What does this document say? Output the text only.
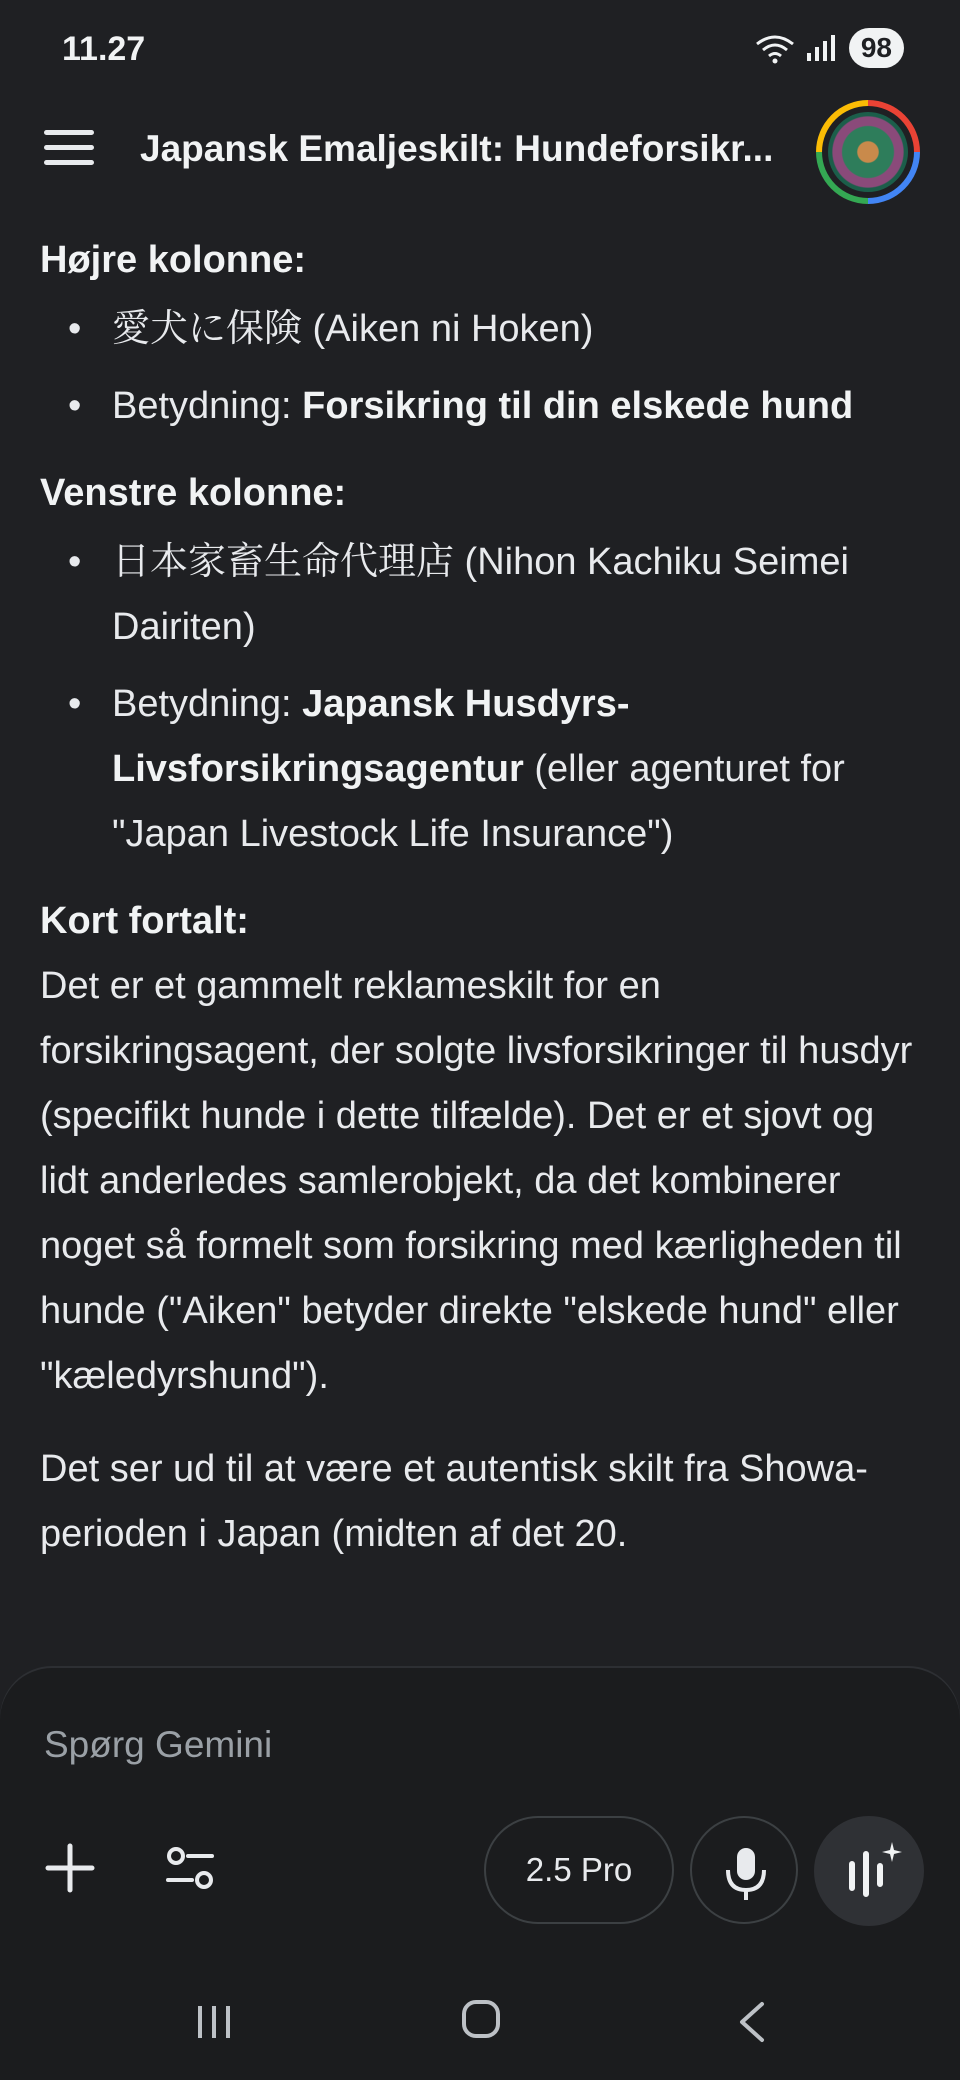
11.27	98
Japansk Emaljeskilt: Hundeforsikr...
Højre kolonne:
• 愛犬に保険 (Aiken ni Hoken)
• Betydning: Forsikring til din elskede hund
Venstre kolonne:
• 日本家畜生命代理店 (Nihon Kachiku Seimei Dairiten)
• Betydning: Japansk Husdyrs-Livsforsikringsagentur (eller agenturet for "Japan Livestock Life Insurance")
Kort fortalt:

Det er et gammelt reklameskilt for en forsikringsagent, der solgte livsforsikringer til husdyr (specifikt hunde i dette tilfælde). Det er et sjovt og lidt anderledes samlerobjekt, da det kombinerer noget så formelt som forsikring med kærligheden til hunde ("Aiken" betyder direkte "elskede hund" eller "kæledyrshund").

Det ser ud til at være et autentisk skilt fra Showa-perioden i Japan (midten af det 20.

Spørg Gemini
2.5 Pro
